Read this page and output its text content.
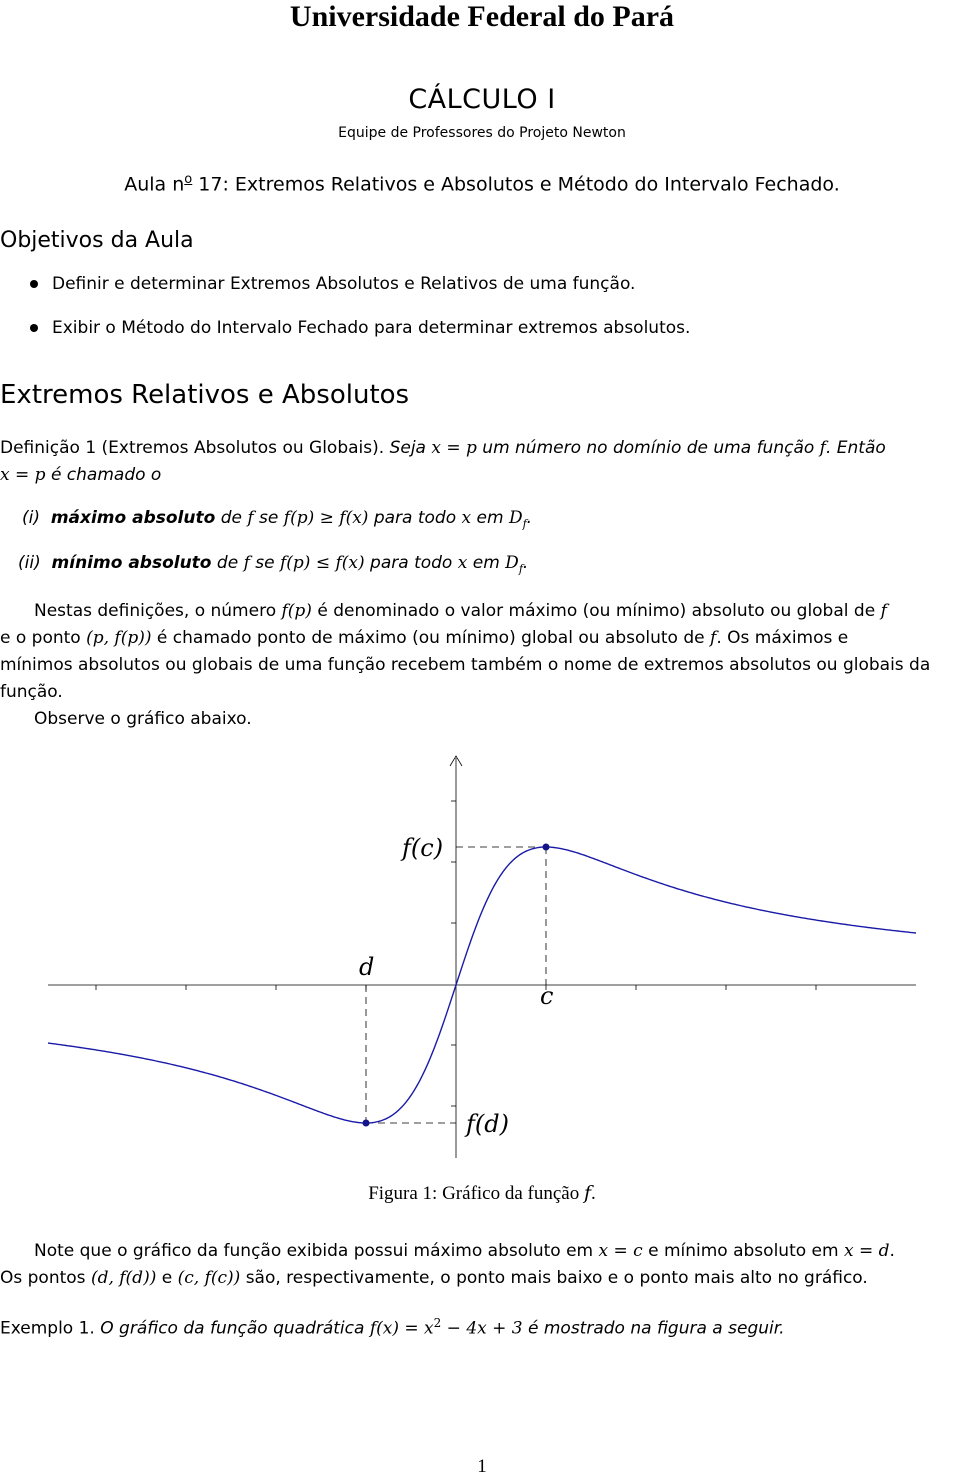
Universidade Federal do Pará
CÁLCULO I
Equipe de Professores do Projeto Newton
Aula $n^o$ 17: Extremos Relativos e Absolutos e Método do Intervalo Fechado.
Objetivos da Aula
Definir e determinar Extremos Absolutos e Relativos de uma função.
Exibir o Método do Intervalo Fechado para determinar extremos absolutos.
Extremos Relativos e Absolutos
Definição 1 (Extremos Absolutos ou Globais). Seja x = p um número no domínio de uma função f. Então
x = p é chamado o
(i) máximo absoluto de f se f(p) ≥ f(x) para todo x em $D_f$.
(ii) mínimo absoluto de f se f(p) ≤ f(x) para todo x em $D_f$.
Nestas definições, o número f(p) é denominado o valor máximo (ou mínimo) absoluto ou global de f
e o ponto (p, f(p)) é chamado ponto de máximo (ou mínimo) global ou absoluto de f. Os máximos e
mínimos absolutos ou globais de uma função recebem também o nome de extremos absolutos ou globais da
função.
Observe o gráfico abaixo.
f(c)
c
d
f(d)
Figura 1: Gráfico da função f.
Note que o gráfico da função exibida possui máximo absoluto em x = c e mínimo absoluto em x = d.
Os pontos (d, f(d)) e (c, f(c)) são, respectivamente, o ponto mais baixo e o ponto mais alto no gráfico.
Exemplo 1. O gráfico da função quadrática $f(x) = x^2 - 4x + 3$ é mostrado na figura a seguir.
1
